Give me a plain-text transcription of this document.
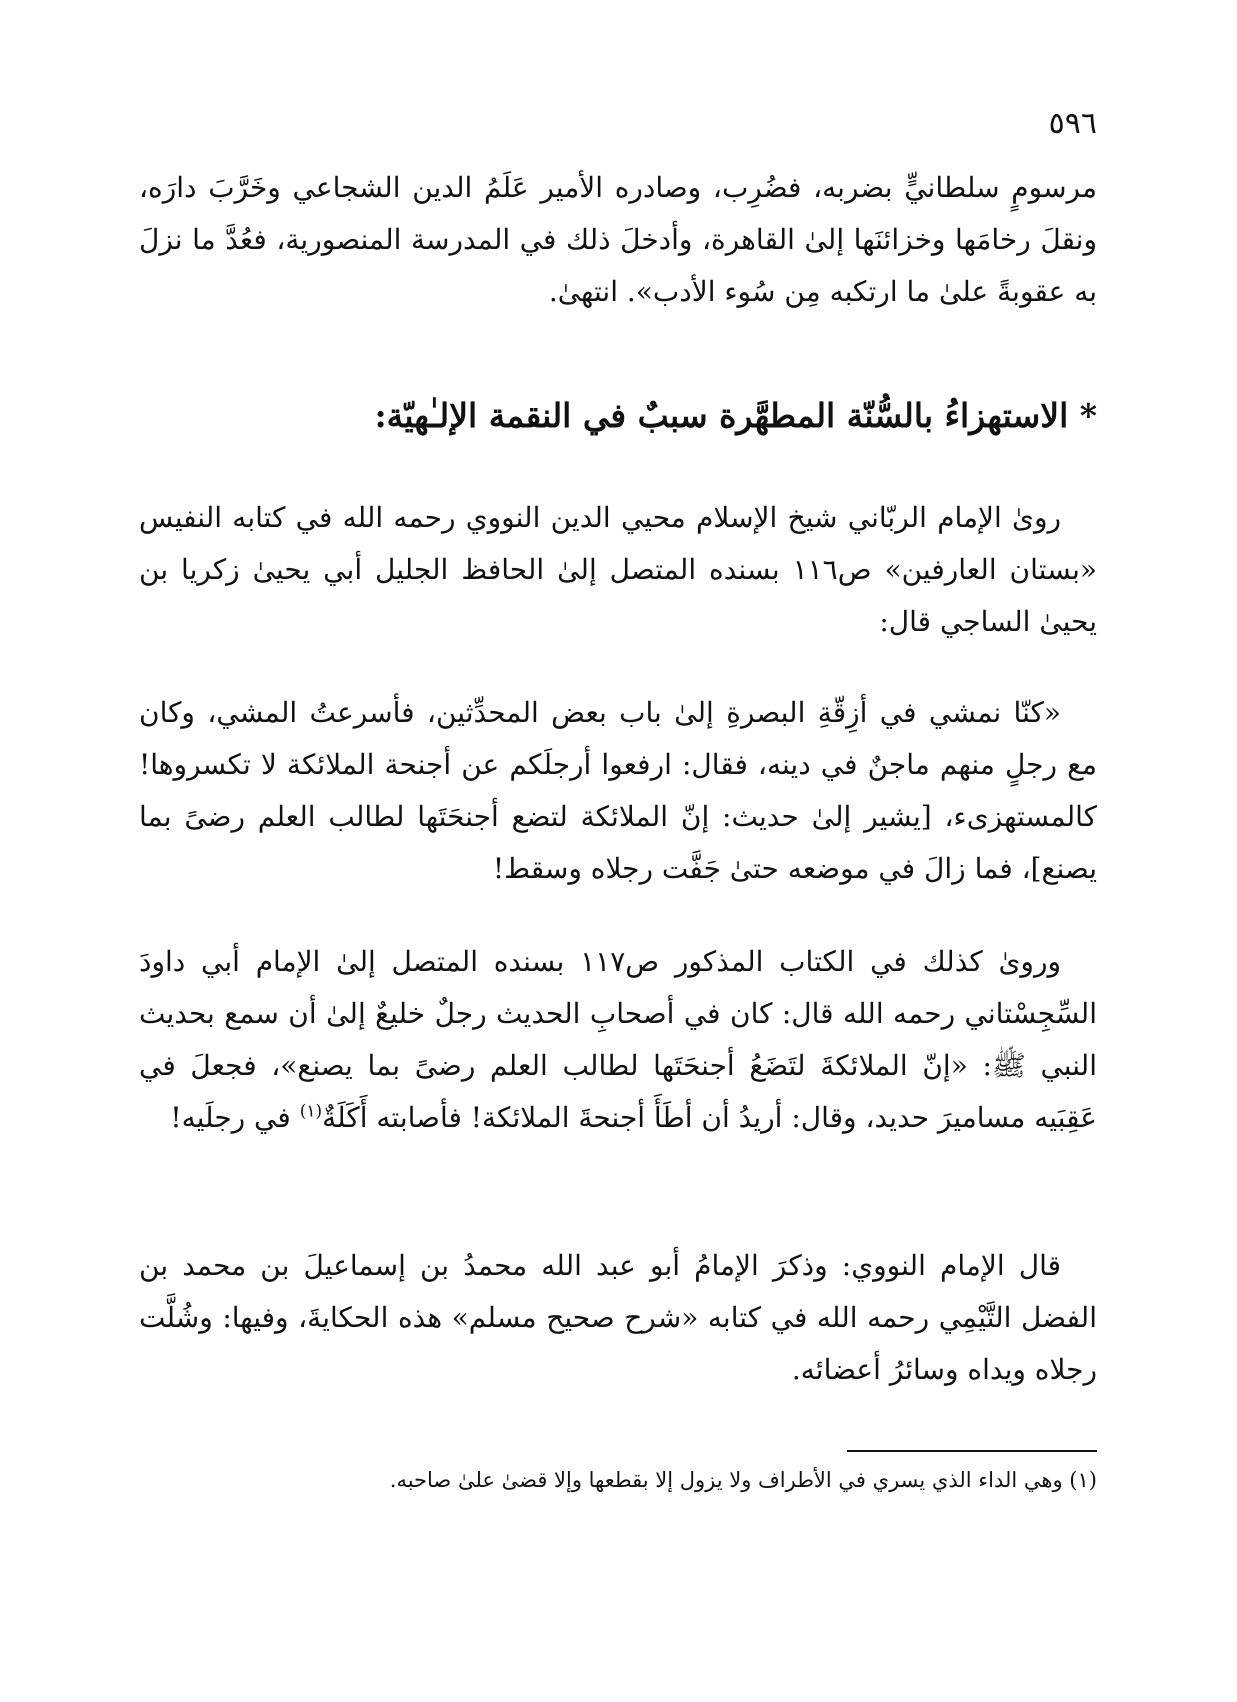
٥٩٦

مرسومٍ سلطانيٍّ بضربه، فضُرِب، وصادره الأمير عَلَمُ الدين الشجاعي وخَرَّبَ دارَه، ونقلَ رخامَها وخزائنَها إلىٰ القاهرة، وأدخلَ ذلك في المدرسة المنصورية، فعُدَّ ما نزلَ به عقوبةً علىٰ ما ارتكبه مِن سُوء الأدب». انتهىٰ.

* الاستهزاءُ بالسُّنّة المطهَّرة سببٌ في النقمة الإلـٰهيّة:

رویٰ الإمام الربّاني شيخ الإسلام محيي الدين النووي رحمه الله في كتابه النفيس «بستان العارفين» ص١١٦ بسنده المتصل إلىٰ الحافظ الجليل أبي يحيىٰ زكريا بن يحيىٰ الساجي قال:

«كنّا نمشي في أزِقّةِ البصرةِ إلىٰ باب بعض المحدِّثين، فأسرعتُ المشي، وكان مع رجلٍ منهم ماجنٌ في دينه، فقال: ارفعوا أرجلَكم عن أجنحة الملائكة لا تكسروها! كالمستهزىء، [يشير إلىٰ حديث: إنّ الملائكة لتضع أجنحَتَها لطالب العلم رضىً بما يصنع]، فما زالَ في موضعه حتىٰ جَفَّت رجلاه وسقط!

وروىٰ كذلك في الكتاب المذكور ص١١٧ بسنده المتصل إلىٰ الإمام أبي داودَ السِّجِسْتاني رحمه الله قال: كان في أصحابِ الحديث رجلٌ خليعٌ إلىٰ أن سمع بحديث النبي ﷺ: «إنّ الملائكةَ لتَضَعُ أجنحَتَها لطالب العلم رضىً بما يصنع»، فجعلَ في عَقِبَيه مساميرَ حديد، وقال: أريدُ أن أطَأَ أجنحةَ الملائكة! فأصابته أَكَلَةٌ$^{(١)}$ في رجلَيه!

قال الإمام النووي: وذكرَ الإمامُ أبو عبد الله محمدُ بن إسماعيلَ بن محمد بن الفضل التَّيْمِي رحمه الله في كتابه «شرح صحيح مسلم» هذه الحكايةَ، وفيها: وشُلَّت رجلاه ويداه وسائرُ أعضائه.

(١) وهي الداء الذي يسري في الأطراف ولا يزول إلا بقطعها وإلا قضىٰ علىٰ صاحبه.
